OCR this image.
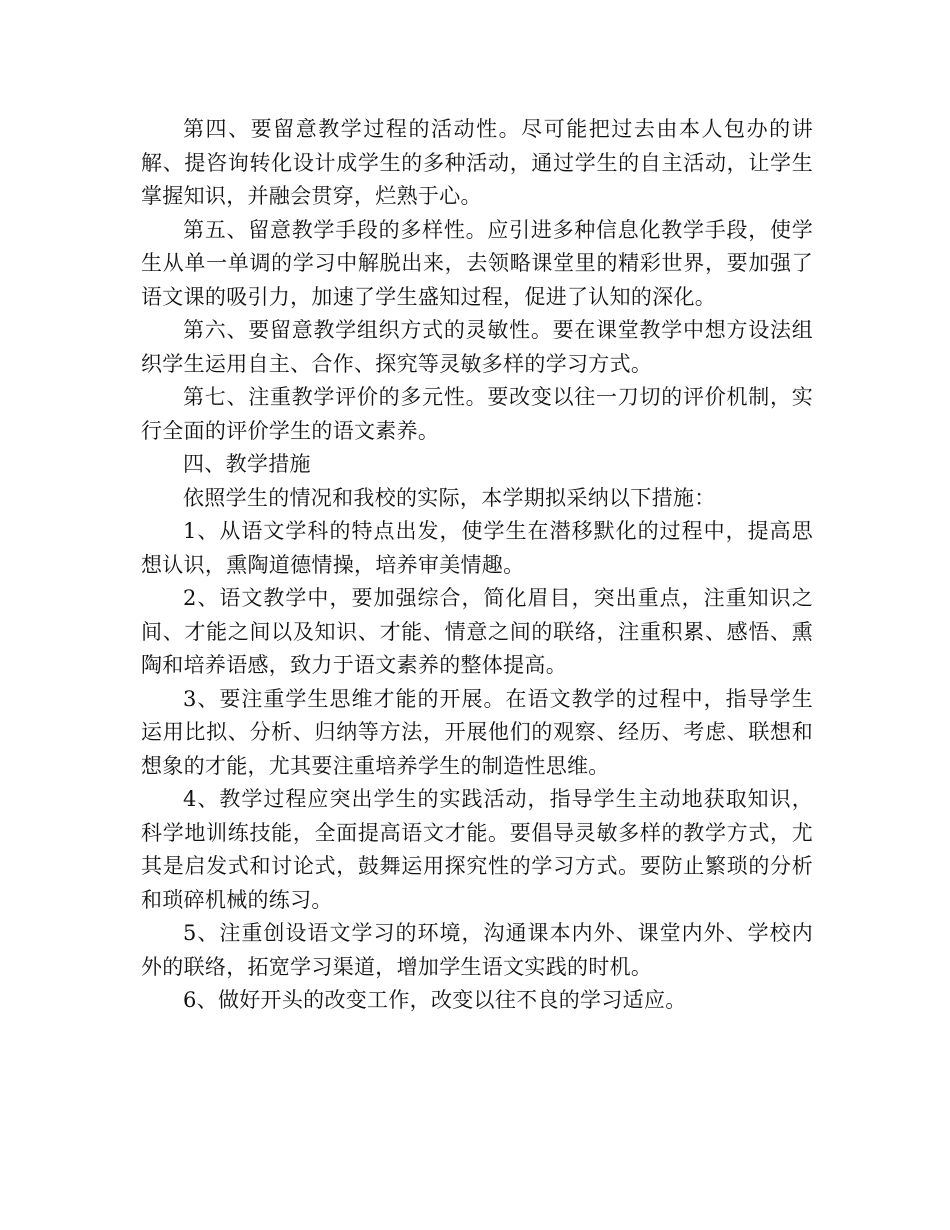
第四、要留意教学过程的活动性。尽可能把过去由本人包办的讲解、提咨询转化设计成学生的多种活动，通过学生的自主活动，让学生掌握知识，并融会贯穿，烂熟于心。

第五、留意教学手段的多样性。应引进多种信息化教学手段，使学生从单一单调的学习中解脱出来，去领略课堂里的精彩世界，要加强了语文课的吸引力，加速了学生盛知过程，促进了认知的深化。

第六、要留意教学组织方式的灵敏性。要在课堂教学中想方设法组织学生运用自主、合作、探究等灵敏多样的学习方式。

第七、注重教学评价的多元性。要改变以往一刀切的评价机制，实行全面的评价学生的语文素养。

四、教学措施

依照学生的情况和我校的实际，本学期拟采纳以下措施：

1、从语文学科的特点出发，使学生在潜移默化的过程中，提高思想认识，熏陶道德情操，培养审美情趣。

2、语文教学中，要加强综合，简化眉目，突出重点，注重知识之间、才能之间以及知识、才能、情意之间的联络，注重积累、感悟、熏陶和培养语感，致力于语文素养的整体提高。

3、要注重学生思维才能的开展。在语文教学的过程中，指导学生运用比拟、分析、归纳等方法，开展他们的观察、经历、考虑、联想和想象的才能，尤其要注重培养学生的制造性思维。

4、教学过程应突出学生的实践活动，指导学生主动地获取知识，科学地训练技能，全面提高语文才能。要倡导灵敏多样的教学方式，尤其是启发式和讨论式，鼓舞运用探究性的学习方式。要防止繁琐的分析和琐碎机械的练习。

5、注重创设语文学习的环境，沟通课本内外、课堂内外、学校内外的联络，拓宽学习渠道，增加学生语文实践的时机。

6、做好开头的改变工作，改变以往不良的学习适应。
